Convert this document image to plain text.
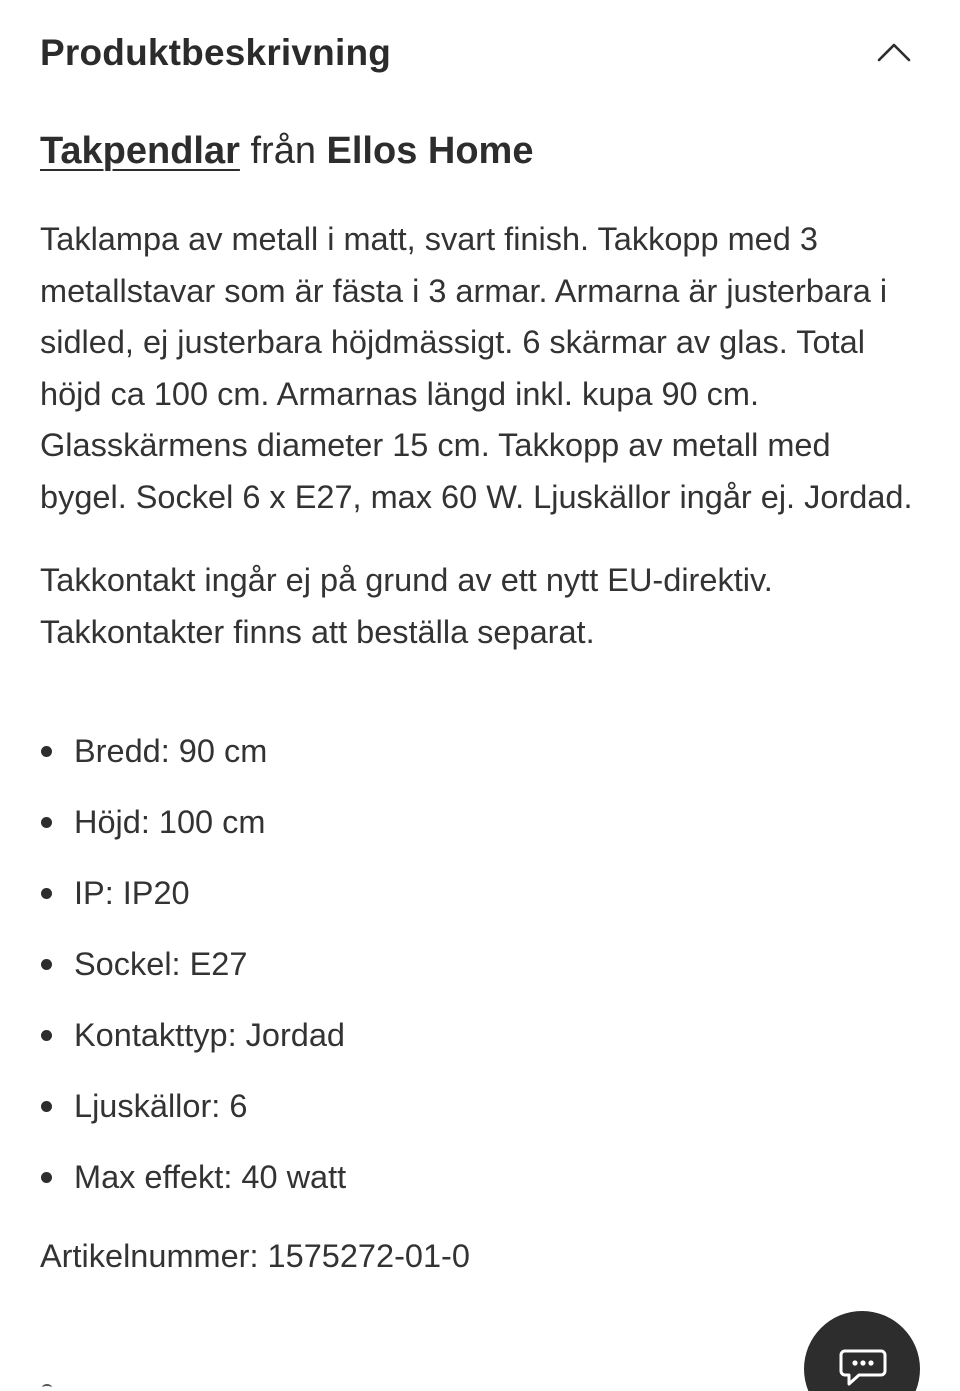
Produktbeskrivning

Takpendlar från Ellos Home

Taklampa av metall i matt, svart finish. Takkopp med 3 metallstavar som är fästa i 3 armar. Armarna är justerbara i sidled, ej justerbara höjdmässigt. 6 skärmar av glas. Total höjd ca 100 cm. Armarnas längd inkl. kupa 90 cm. Glasskärmens diameter 15 cm. Takkopp av metall med bygel. Sockel 6 x E27, max 60 W. Ljuskällor ingår ej. Jordad.

Takkontakt ingår ej på grund av ett nytt EU-direktiv. Takkontakter finns att beställa separat.

Bredd: 90 cm
Höjd: 100 cm
IP: IP20
Sockel: E27
Kontakttyp: Jordad
Ljuskällor: 6
Max effekt: 40 watt

Artikelnummer: 1575272-01-0
